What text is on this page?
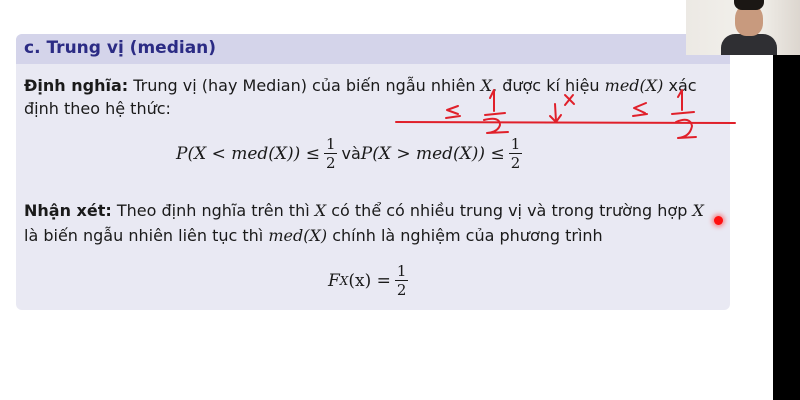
c. Trung vị (median)
Định nghĩa: Trung vị (hay Median) của biến ngẫu nhiên X, được kí hiệu med(X) xác
định theo hệ thức:
$P(X < med(X)) \le \frac{1}{2}$ và $P(X > med(X)) \le \frac{1}{2}$
Nhận xét: Theo định nghĩa trên thì X có thể có nhiều trung vị và trong trường hợp X
là biến ngẫu nhiên liên tục thì med(X) chính là nghiệm của phương trình
F X $(x) = \frac{1}{2}$
